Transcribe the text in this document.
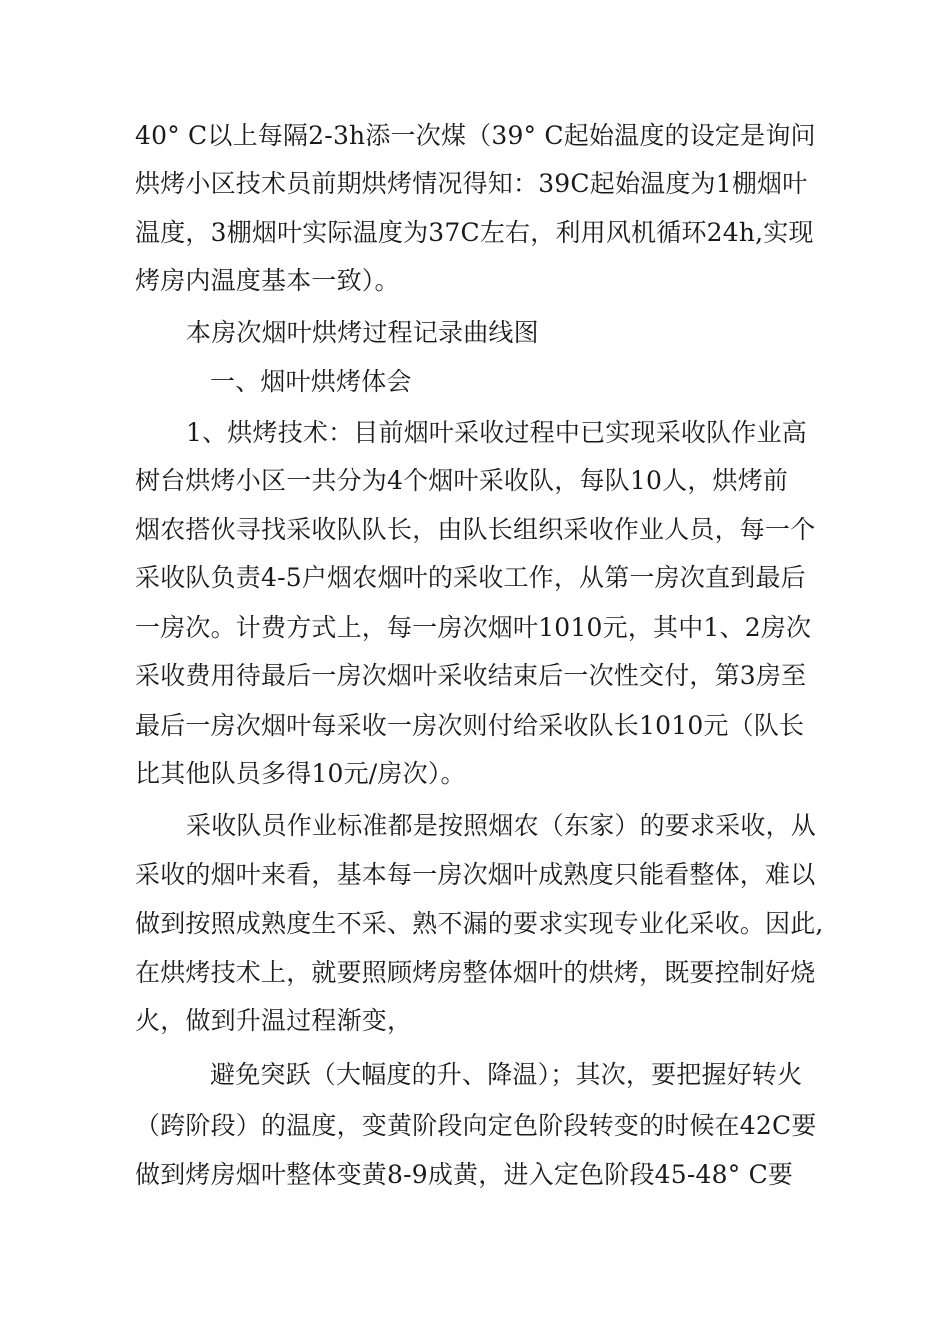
40° C以上每隔2-3h添一次煤（39° C起始温度的设定是询问
烘烤小区技术员前期烘烤情况得知：39C起始温度为1棚烟叶
温度，3棚烟叶实际温度为37C左右，利用风机循环24h,实现
烤房内温度基本一致）。
本房次烟叶烘烤过程记录曲线图
一、烟叶烘烤体会
1、烘烤技术：目前烟叶采收过程中已实现采收队作业高
树台烘烤小区一共分为4个烟叶采收队，每队10人，烘烤前
烟农搭伙寻找采收队队长，由队长组织采收作业人员，每一个
采收队负责4-5户烟农烟叶的采收工作，从第一房次直到最后
一房次。计费方式上，每一房次烟叶1010元，其中1、2房次
采收费用待最后一房次烟叶采收结束后一次性交付，第3房至
最后一房次烟叶每采收一房次则付给采收队长1010元（队长
比其他队员多得10元/房次）。
采收队员作业标准都是按照烟农（东家）的要求采收，从
采收的烟叶来看，基本每一房次烟叶成熟度只能看整体，难以
做到按照成熟度生不采、熟不漏的要求实现专业化采收。因此,
在烘烤技术上，就要照顾烤房整体烟叶的烘烤，既要控制好烧
火，做到升温过程渐变，
避免突跃（大幅度的升、降温）；其次，要把握好转火
（跨阶段）的温度，变黄阶段向定色阶段转变的时候在42C要
做到烤房烟叶整体变黄8-9成黄，进入定色阶段45-48° C要
